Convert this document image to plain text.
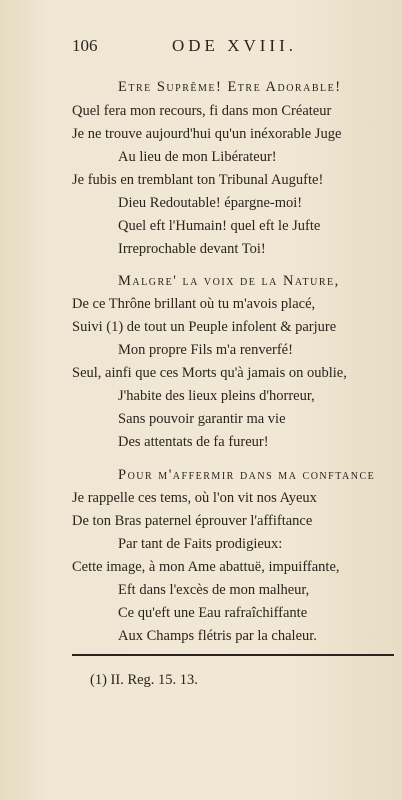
106	ODE XVIII.
Etre Suprême! Etre Adorable!
Quel fera mon recours, fi dans mon Créateur
Je ne trouve aujourd'hui qu'un inéxorable Juge
Au lieu de mon Libérateur!
Je fubis en tremblant ton Tribunal Augufte!
Dieu Redoutable! épargne-moi!
Quel eft l'Humain! quel eft le Jufte
Irreprochable devant Toi!
Malgre' la voix de la Nature,
De ce Thrône brillant où tu m'avois placé,
Suivi (1) de tout un Peuple infolent & parjure
Mon propre Fils m'a renverfé!
Seul, ainfi que ces Morts qu'à jamais on oublie,
J'habite des lieux pleins d'horreur,
Sans pouvoir garantir ma vie
Des attentats de fa fureur!
Pour m'affermir dans ma conftance
Je rappelle ces tems, où l'on vit nos Ayeux
De ton Bras paternel éprouver l'affiftance
Par tant de Faits prodigieux:
Cette image, à mon Ame abattuë, impuiffante,
Eft dans l'excès de mon malheur,
Ce qu'eft une Eau rafraîchiffante
Aux Champs flétris par la chaleur.
(1) II. Reg. 15. 13.
